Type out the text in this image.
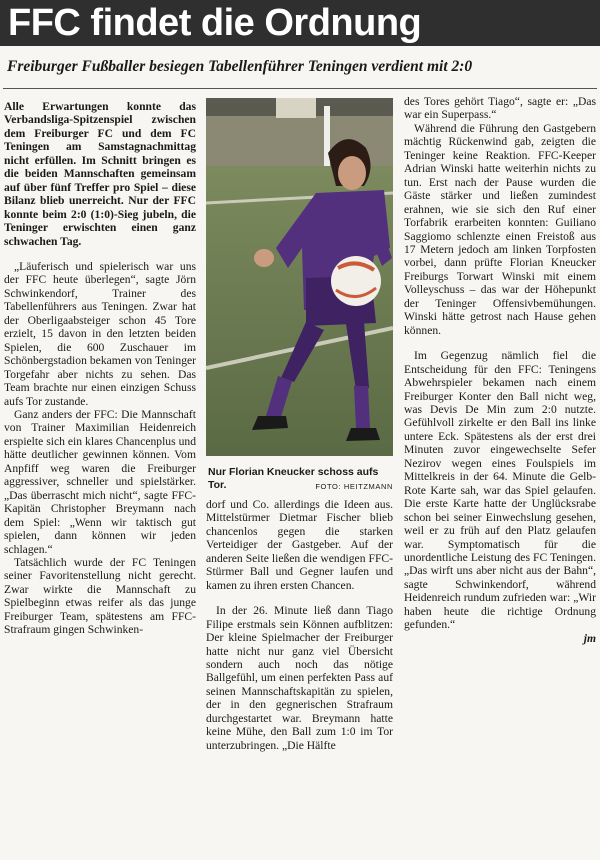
FFC findet die Ordnung
Freiburger Fußballer besiegen Tabellenführer Teningen verdient mit 2:0

Alle Erwartungen konnte das Verbandsliga-Spitzenspiel zwischen dem Freiburger FC und dem FC Teningen am Samstagnachmittag nicht erfüllen. Im Schnitt bringen es die beiden Mannschaften gemeinsam auf über fünf Treffer pro Spiel – diese Bilanz blieb unerreicht. Nur der FFC konnte beim 2:0 (1:0)-Sieg jubeln, die Teninger erwischten einen ganz schwachen Tag.

„Läuferisch und spielerisch war uns der FFC heute überlegen“, sagte Jörn Schwinkendorf, Trainer des Tabellenführers aus Teningen. Zwar hat der Oberligaabsteiger schon 45 Tore erzielt, 15 davon in den letzten beiden Spielen, die 600 Zuschauer im Schönbergstadion bekamen von Teninger Torgefahr aber nichts zu sehen. Das Team brachte nur einen einzigen Schuss aufs Tor zustande.

Ganz anders der FFC: Die Mannschaft von Trainer Maximilian Heidenreich erspielte sich ein klares Chancenplus und hätte deutlicher gewinnen können. Vom Anpfiff weg waren die Freiburger aggressiver, schneller und spielstärker. „Das überrascht mich nicht“, sagte FFC-Kapitän Christopher Breymann nach dem Spiel: „Wenn wir taktisch gut spielen, dann können wir jeden schlagen.“

Tatsächlich wurde der FC Teningen seiner Favoritenstellung nicht gerecht. Zwar wirkte die Mannschaft zu Spielbeginn etwas reifer als das junge Freiburger Team, spätestens am FFC-Strafraum gingen Schwinken-

Nur Florian Kneucker schoss aufs Tor.	FOTO: HEITZMANN

dorf und Co. allerdings die Ideen aus. Mittelstürmer Dietmar Fischer blieb chancenlos gegen die starken Verteidiger der Gastgeber. Auf der anderen Seite ließen die wendigen FFC-Stürmer Ball und Gegner laufen und kamen zu ihren ersten Chancen.

In der 26. Minute ließ dann Tiago Filipe erstmals sein Können aufblitzen: Der kleine Spielmacher der Freiburger hatte nicht nur ganz viel Übersicht sondern auch noch das nötige Ballgefühl, um einen perfekten Pass auf seinen Mannschaftskapitän zu spielen, der in den gegnerischen Strafraum durchgestartet war. Breymann hatte keine Mühe, den Ball zum 1:0 im Tor unterzubringen. „Die Hälfte

des Tores gehört Tiago“, sagte er: „Das war ein Superpass.“

Während die Führung den Gastgebern mächtig Rückenwind gab, zeigten die Teninger keine Reaktion. FFC-Keeper Adrian Winski hatte weiterhin nichts zu tun. Erst nach der Pause wurden die Gäste stärker und ließen zumindest erahnen, wie sie sich den Ruf einer Torfabrik erarbeiten konnten: Guiliano Saggiomo schlenzte einen Freistoß aus 17 Metern jedoch am linken Torpfosten vorbei, dann prüfte Florian Kneucker Freiburgs Torwart Winski mit einem Volleyschuss – das war der Höhepunkt der Teninger Offensivbemühungen. Winski hätte getrost nach Hause gehen können.

Im Gegenzug nämlich fiel die Entscheidung für den FFC: Teningens Abwehrspieler bekamen nach einem Freiburger Konter den Ball nicht weg, was Devis De Min zum 2:0 nutzte. Gefühlvoll zirkelte er den Ball ins linke untere Eck. Spätestens als der erst drei Minuten zuvor eingewechselte Sefer Nezirov wegen eines Foulspiels im Mittelkreis in der 64. Minute die Gelb-Rote Karte sah, war das Spiel gelaufen. Die erste Karte hatte der Unglücksrabe schon bei seiner Einwechslung gesehen, weil er zu früh auf den Platz gelaufen war. Symptomatisch für die unordentliche Leistung des FC Teningen. „Das wirft uns aber nicht aus der Bahn“, sagte Schwinkendorf, während Heidenreich rundum zufrieden war: „Wir haben heute die richtige Ordnung gefunden.“

jm
